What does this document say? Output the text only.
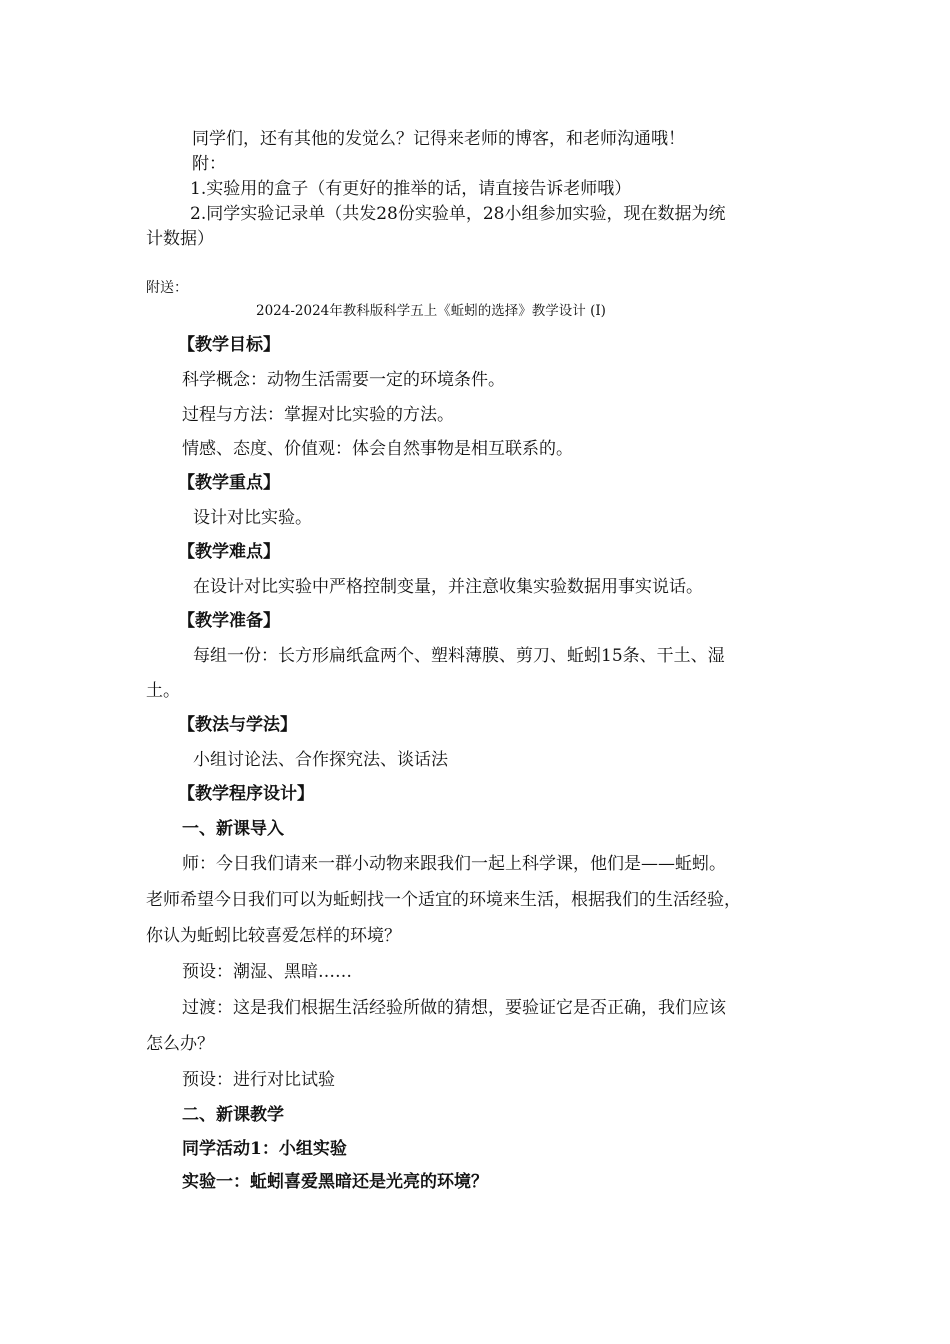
同学们，还有其他的发觉么？记得来老师的博客，和老师沟通哦！
附：
1.实验用的盒子（有更好的推举的话，请直接告诉老师哦）
2.同学实验记录单（共发28份实验单，28小组参加实验，现在数据为统
计数据）
附送：
2024-2024年教科版科学五上《蚯蚓的选择》教学设计 (I)
【教学目标】
科学概念：动物生活需要一定的环境条件。
过程与方法：掌握对比实验的方法。
情感、态度、价值观：体会自然事物是相互联系的。
【教学重点】
设计对比实验。
【教学难点】
在设计对比实验中严格控制变量，并注意收集实验数据用事实说话。
【教学准备】
每组一份：长方形扁纸盒两个、塑料薄膜、剪刀、蚯蚓15条、干土、湿
土。
【教法与学法】
小组讨论法、合作探究法、谈话法
【教学程序设计】
一、新课导入
师：今日我们请来一群小动物来跟我们一起上科学课，他们是——蚯蚓。
老师希望今日我们可以为蚯蚓找一个适宜的环境来生活，根据我们的生活经验，
你认为蚯蚓比较喜爱怎样的环境？
预设：潮湿、黑暗……
过渡：这是我们根据生活经验所做的猜想，要验证它是否正确，我们应该
怎么办？
预设：进行对比试验
二、新课教学
同学活动1：小组实验
实验一：蚯蚓喜爱黑暗还是光亮的环境？
